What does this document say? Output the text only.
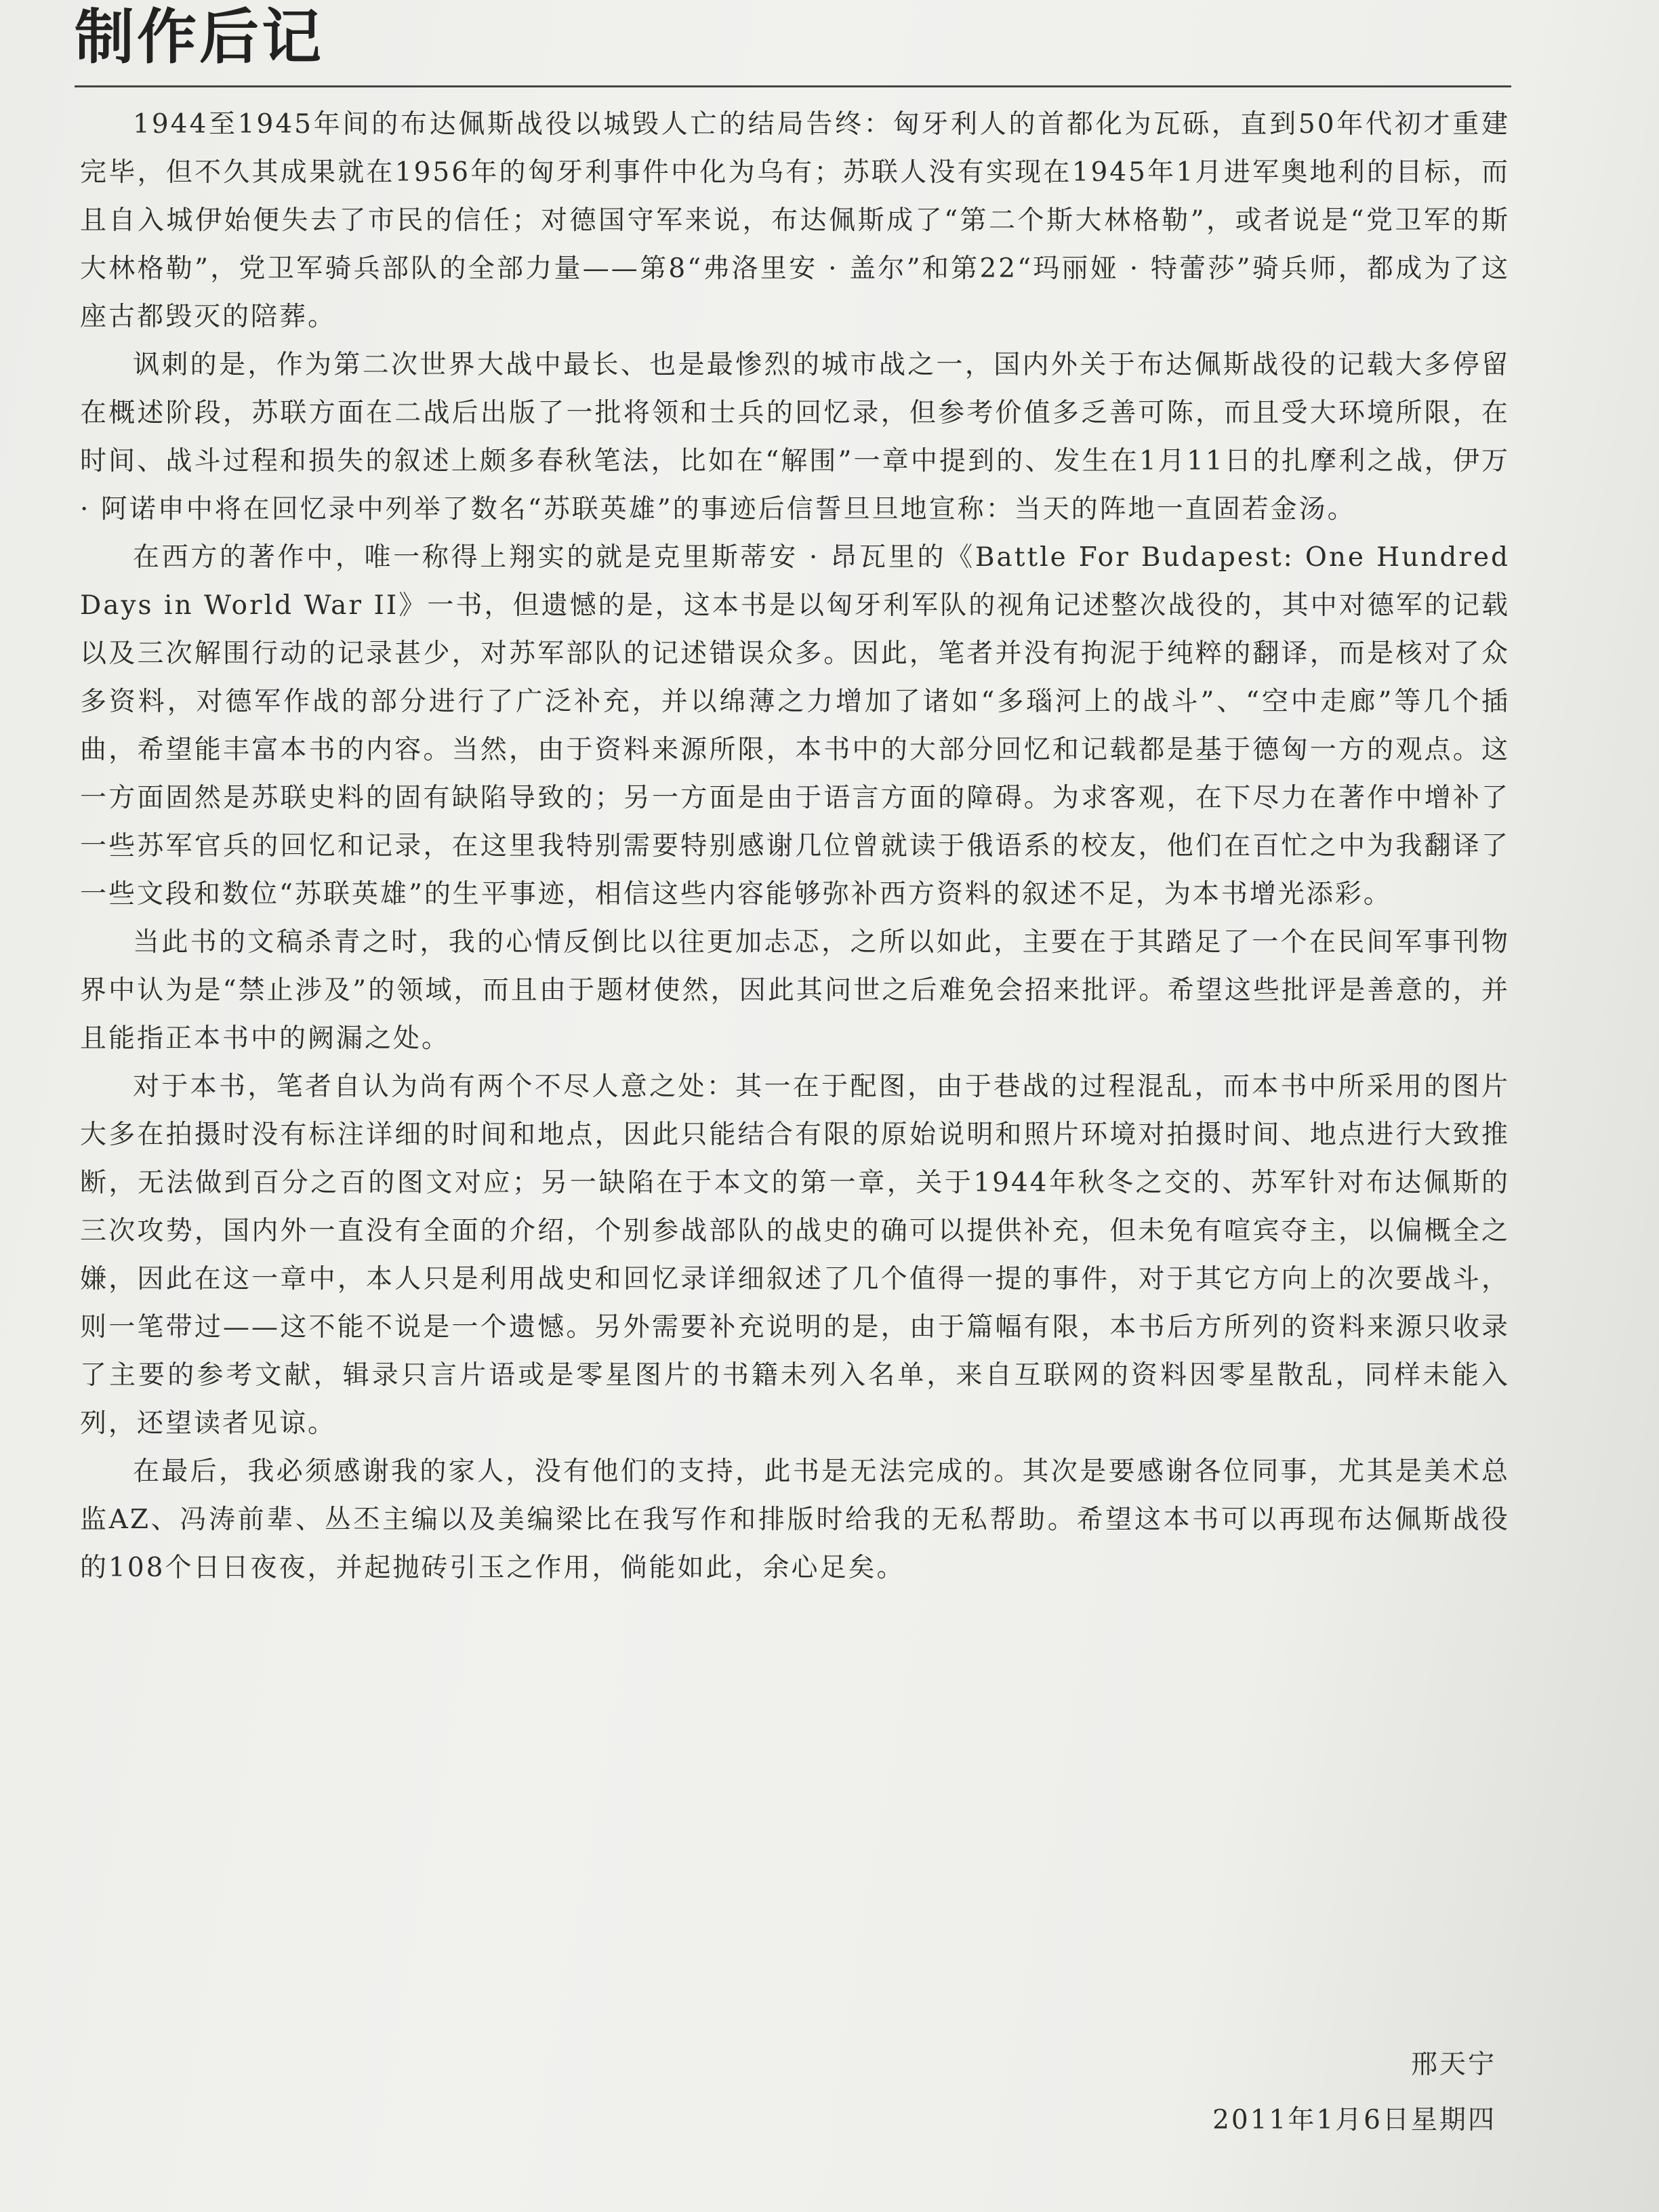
制作后记

1944至1945年间的布达佩斯战役以城毁人亡的结局告终：匈牙利人的首都化为瓦砾，直到50年代初才重建完毕，但不久其成果就在1956年的匈牙利事件中化为乌有；苏联人没有实现在1945年1月进军奥地利的目标，而且自入城伊始便失去了市民的信任；对德国守军来说，布达佩斯成了“第二个斯大林格勒”，或者说是“党卫军的斯大林格勒”，党卫军骑兵部队的全部力量——第8“弗洛里安 · 盖尔”和第22“玛丽娅 · 特蕾莎”骑兵师，都成为了这座古都毁灭的陪葬。

讽刺的是，作为第二次世界大战中最长、也是最惨烈的城市战之一，国内外关于布达佩斯战役的记载大多停留在概述阶段，苏联方面在二战后出版了一批将领和士兵的回忆录，但参考价值多乏善可陈，而且受大环境所限，在时间、战斗过程和损失的叙述上颇多春秋笔法，比如在“解围”一章中提到的、发生在1月11日的扎摩利之战，伊万 · 阿诺申中将在回忆录中列举了数名“苏联英雄”的事迹后信誓旦旦地宣称：当天的阵地一直固若金汤。

在西方的著作中，唯一称得上翔实的就是克里斯蒂安 · 昂瓦里的《Battle For Budapest: One Hundred Days in World War II》一书，但遗憾的是，这本书是以匈牙利军队的视角记述整次战役的，其中对德军的记载以及三次解围行动的记录甚少，对苏军部队的记述错误众多。因此，笔者并没有拘泥于纯粹的翻译，而是核对了众多资料，对德军作战的部分进行了广泛补充，并以绵薄之力增加了诸如“多瑙河上的战斗”、“空中走廊”等几个插曲，希望能丰富本书的内容。当然，由于资料来源所限，本书中的大部分回忆和记载都是基于德匈一方的观点。这一方面固然是苏联史料的固有缺陷导致的；另一方面是由于语言方面的障碍。为求客观，在下尽力在著作中增补了一些苏军官兵的回忆和记录，在这里我特别需要特别感谢几位曾就读于俄语系的校友，他们在百忙之中为我翻译了一些文段和数位“苏联英雄”的生平事迹，相信这些内容能够弥补西方资料的叙述不足，为本书增光添彩。

当此书的文稿杀青之时，我的心情反倒比以往更加忐忑，之所以如此，主要在于其踏足了一个在民间军事刊物界中认为是“禁止涉及”的领域，而且由于题材使然，因此其问世之后难免会招来批评。希望这些批评是善意的，并且能指正本书中的阙漏之处。

对于本书，笔者自认为尚有两个不尽人意之处：其一在于配图，由于巷战的过程混乱，而本书中所采用的图片大多在拍摄时没有标注详细的时间和地点，因此只能结合有限的原始说明和照片环境对拍摄时间、地点进行大致推断，无法做到百分之百的图文对应；另一缺陷在于本文的第一章，关于1944年秋冬之交的、苏军针对布达佩斯的三次攻势，国内外一直没有全面的介绍，个别参战部队的战史的确可以提供补充，但未免有喧宾夺主，以偏概全之嫌，因此在这一章中，本人只是利用战史和回忆录详细叙述了几个值得一提的事件，对于其它方向上的次要战斗，则一笔带过——这不能不说是一个遗憾。另外需要补充说明的是，由于篇幅有限，本书后方所列的资料来源只收录了主要的参考文献，辑录只言片语或是零星图片的书籍未列入名单，来自互联网的资料因零星散乱，同样未能入列，还望读者见谅。

在最后，我必须感谢我的家人，没有他们的支持，此书是无法完成的。其次是要感谢各位同事，尤其是美术总监AZ、冯涛前辈、丛丕主编以及美编梁比在我写作和排版时给我的无私帮助。希望这本书可以再现布达佩斯战役的108个日日夜夜，并起抛砖引玉之作用，倘能如此，余心足矣。

邢天宁
2011年1月6日星期四
